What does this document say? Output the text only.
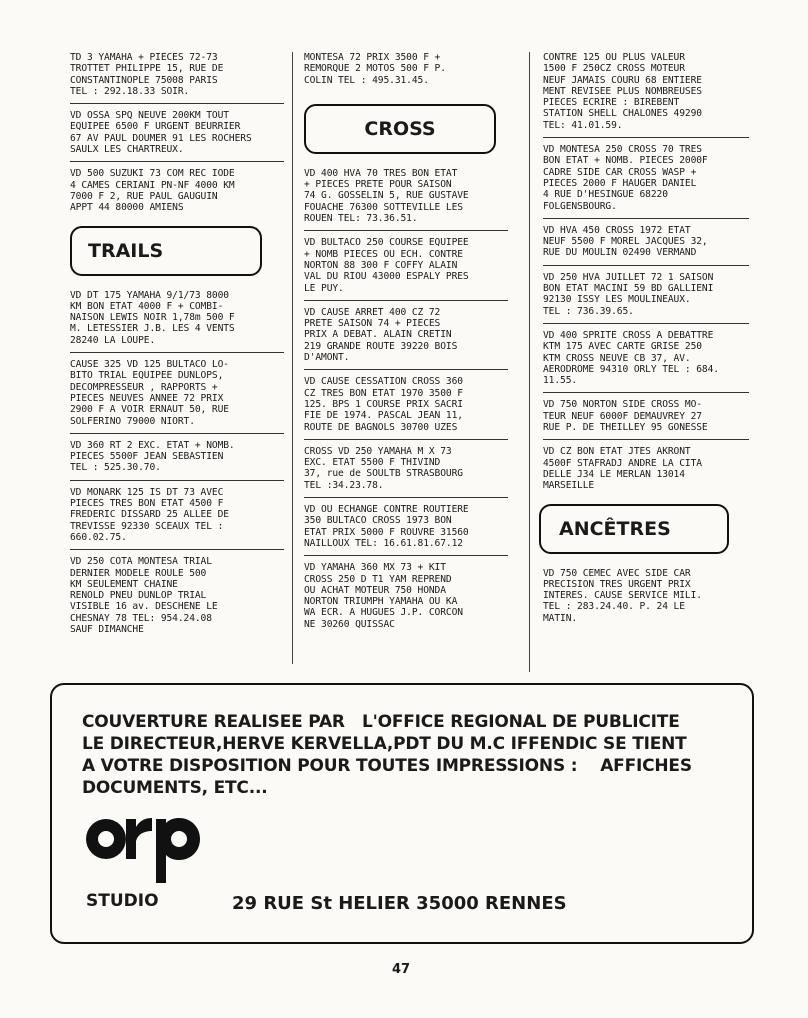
TD 3 YAMAHA + PIECES 72-73
TROTTET PHILIPPE 15, RUE DE
CONSTANTINOPLE 75008 PARIS
TEL : 292.18.33 SOIR.
VD OSSA SPQ NEUVE 200KM TOUT
EQUIPEE 6500 F URGENT BEURRIER
67 AV PAUL DOUMER 91 LES ROCHERS
SAULX LES CHARTREUX.
VD 500 SUZUKI 73 COM REC IODE
4 CAMES CERIANI PN-NF 4000 KM
7000 F 2, RUE PAUL GAUGUIN
APPT 44 80000 AMIENS
TRAILS
VD DT 175 YAMAHA 9/1/73 8000
KM BON ETAT 4000 F + COMBI-
NAISON LEWIS NOIR 1,78m 500 F
M. LETESSIER J.B. LES 4 VENTS
28240 LA LOUPE.
CAUSE 325 VD 125 BULTACO LO-
BITO TRIAL EQUIPEE DUNLOPS,
DECOMPRESSEUR , RAPPORTS +
PIECES NEUVES ANNEE 72 PRIX
2900 F A VOIR ERNAUT 50, RUE
SOLFERINO 79000 NIORT.
VD 360 RT 2 EXC. ETAT + NOMB.
PIECES 5500F JEAN SEBASTIEN
TEL : 525.30.70.
VD MONARK 125 IS DT 73 AVEC
PIECES TRES BON ETAT 4500 F
FREDERIC DISSARD 25 ALLEE DE
TREVISSE 92330 SCEAUX TEL :
660.02.75.
VD 250 COTA MONTESA TRIAL
DERNIER MODELE ROULE 500
KM SEULEMENT CHAINE
RENOLD PNEU DUNLOP TRIAL
VISIBLE 16 av. DESCHENE LE
CHESNAY 78 TEL: 954.24.08
SAUF DIMANCHE
MONTESA 72 PRIX 3500 F +
REMORQUE 2 MOTOS 500 F P.
COLIN TEL : 495.31.45.
CROSS
VD 400 HVA 70 TRES BON ETAT
+ PIECES PRETE POUR SAISON
74 G. GOSSELIN 5, RUE GUSTAVE
FOUACHE 76300 SOTTEVILLE LES
ROUEN TEL: 73.36.51.
VD BULTACO 250 COURSE EQUIPEE
+ NOMB PIECES OU ECH. CONTRE
NORTON 88 300 F COFFY ALAIN
VAL DU RIOU 43000 ESPALY PRES
LE PUY.
VD CAUSE ARRET 400 CZ 72
PRETE SAISON 74 + PIECES
PRIX A DEBAT. ALAIN CRETIN
219 GRANDE ROUTE 39220 BOIS
D'AMONT.
VD CAUSE CESSATION CROSS 360
CZ TRES BON ETAT 1970 3500 F
125. BPS 1 COURSE PRIX SACRI
FIE DE 1974. PASCAL JEAN 11,
ROUTE DE BAGNOLS 30700 UZES
CROSS VD 250 YAMAHA M X 73
EXC. ETAT 5500 F THIVIND
37, rue de SOULTB STRASBOURG
TEL :34.23.78.
VD OU ECHANGE CONTRE ROUTIERE
350 BULTACO CROSS 1973 BON
ETAT PRIX 5000 F ROUVRE 31560
NAILLOUX TEL: 16.61.81.67.12
VD YAMAHA 360 MX 73 + KIT
CROSS 250 D T1 YAM REPREND
OU ACHAT MOTEUR 750 HONDA
NORTON TRIUMPH YAMAHA OU KA
WA ECR. A HUGUES J.P. CORCON
NE 30260 QUISSAC
CONTRE 125 OU PLUS VALEUR
1500 F 250CZ CROSS MOTEUR
NEUF JAMAIS COURU 68 ENTIERE
MENT REVISEE PLUS NOMBREUSES
PIECES ECRIRE : BIREBENT
STATION SHELL CHALONES 49290
TEL: 41.01.59.
VD MONTESA 250 CROSS 70 TRES
BON ETAT + NOMB. PIECES 2000F
CADRE SIDE CAR CROSS WASP +
PIECES 2000 F HAUGER DANIEL
4 RUE D'HESINGUE 68220
FOLGENSBOURG.
VD HVA 450 CROSS 1972 ETAT
NEUF 5500 F MOREL JACQUES 32,
RUE DU MOULIN 02490 VERMAND
VD 250 HVA JUILLET 72 1 SAISON
BON ETAT MACINI 59 BD GALLIENI
92130 ISSY LES MOULINEAUX.
TEL : 736.39.65.
VD 400 SPRITE CROSS A DEBATTRE
KTM 175 AVEC CARTE GRISE 250
KTM CROSS NEUVE CB 37, AV.
AERODROME 94310 ORLY TEL : 684.
11.55.
VD 750 NORTON SIDE CROSS MO-
TEUR NEUF 6000F DEMAUVREY 27
RUE P. DE THEILLEY 95 GONESSE
VD CZ BON ETAT JTES AKRONT
4500F STAFRADJ ANDRE LA CITA
DELLE J34 LE MERLAN 13014
MARSEILLE
ANCÊTRES
VD 750 CEMEC AVEC SIDE CAR
PRECISION TRES URGENT PRIX
INTERES. CAUSE SERVICE MILI.
TEL : 283.24.40. P. 24 LE
MATIN.
COUVERTURE REALISEE PAR   L'OFFICE REGIONAL DE PUBLICITE
LE DIRECTEUR,HERVE KERVELLA,PDT DU M.C IFFENDIC SE TIENT
A VOTRE DISPOSITION POUR TOUTES IMPRESSIONS :    AFFICHES
DOCUMENTS, ETC...
STUDIO	29 RUE St HELIER 35000 RENNES
47
